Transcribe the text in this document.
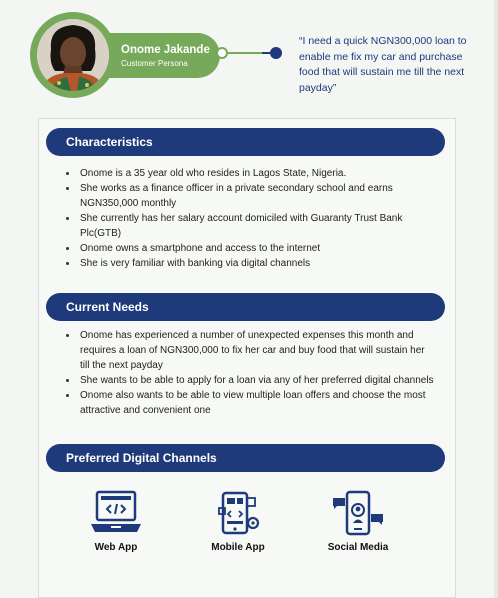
Onome Jakande
Customer Persona
“I need a quick NGN300,000 loan to enable me fix my car and purchase food that will sustain me till the next payday”
Characteristics
Onome is a 35 year old who resides in Lagos State, Nigeria.
She works as a finance officer in a private secondary school and earns NGN350,000 monthly
She currently has her salary account domiciled with Guaranty Trust Bank Plc(GTB)
Onome owns a smartphone and access to the internet
She is very familiar with banking via digital channels
Current Needs
Onome has experienced a number of unexpected expenses this month and requires a loan of NGN300,000 to fix her car and buy food that will sustain her till the next payday
She wants to be able to apply for a loan via any of her preferred digital channels
Onome also wants to be able to view multiple loan offers and choose the most attractive and convenient one
Preferred Digital Channels
Web App	Mobile App	Social Media
